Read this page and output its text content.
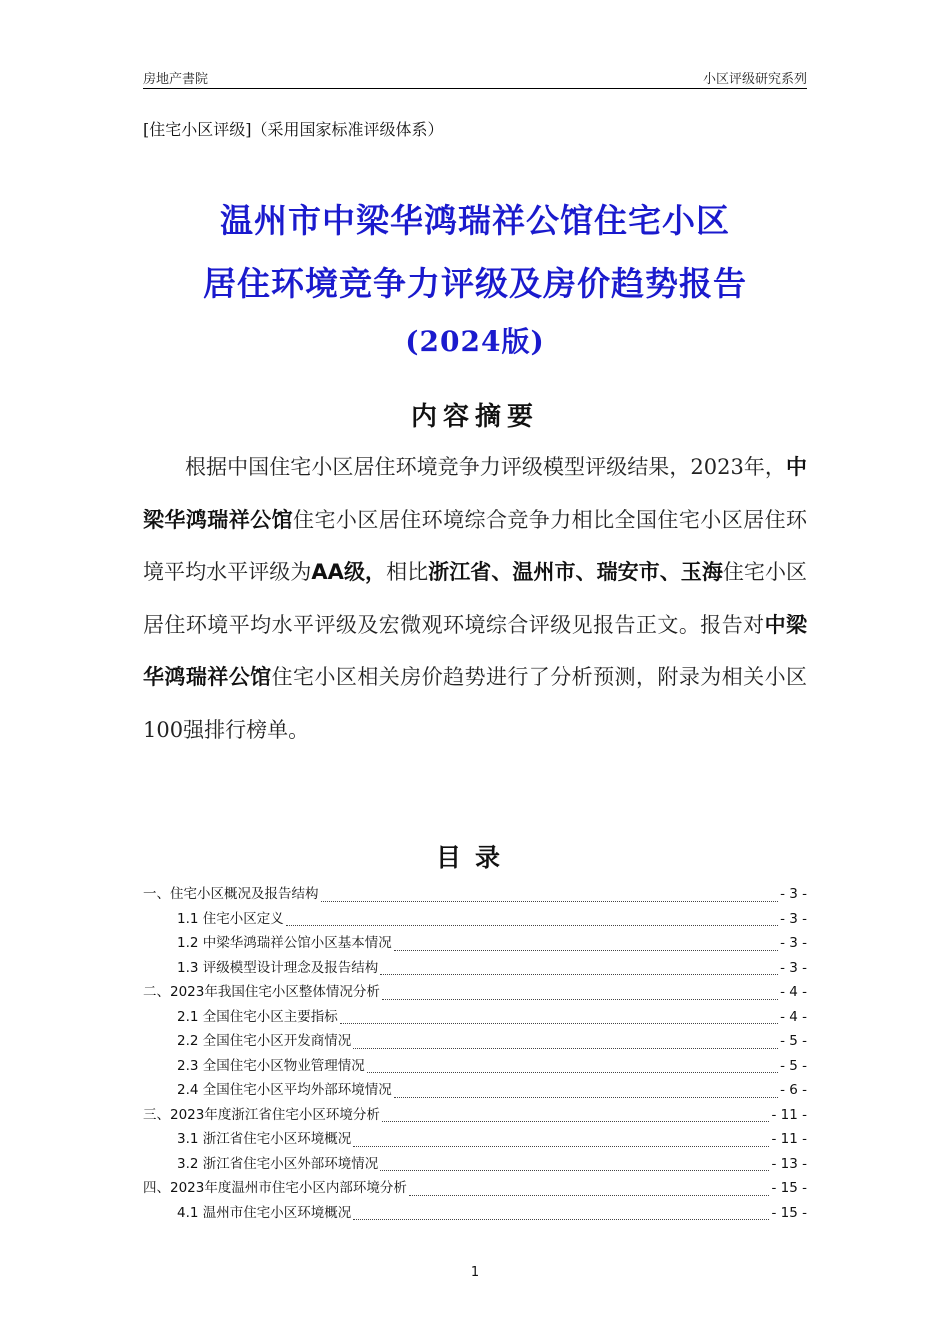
房地产書院	小区评级研究系列
[住宅小区评级]（采用国家标准评级体系）
温州市中梁华鸿瑞祥公馆住宅小区
居住环境竞争力评级及房价趋势报告
(2024版)
内容摘要
根据中国住宅小区居住环境竞争力评级模型评级结果，2023年，中梁华鸿瑞祥公馆住宅小区居住环境综合竞争力相比全国住宅小区居住环境平均水平评级为AA级，相比浙江省、温州市、瑞安市、玉海住宅小区居住环境平均水平评级及宏微观环境综合评级见报告正文。报告对中梁华鸿瑞祥公馆住宅小区相关房价趋势进行了分析预测，附录为相关小区100强排行榜单。
目录
一、住宅小区概况及报告结构	- 3 -
1.1 住宅小区定义	- 3 -
1.2 中梁华鸿瑞祥公馆小区基本情况	- 3 -
1.3 评级模型设计理念及报告结构	- 3 -
二、2023年我国住宅小区整体情况分析	- 4 -
2.1 全国住宅小区主要指标	- 4 -
2.2 全国住宅小区开发商情况	- 5 -
2.3 全国住宅小区物业管理情况	- 5 -
2.4 全国住宅小区平均外部环境情况	- 6 -
三、2023年度浙江省住宅小区环境分析	- 11 -
3.1 浙江省住宅小区环境概况	- 11 -
3.2 浙江省住宅小区外部环境情况	- 13 -
四、2023年度温州市住宅小区内部环境分析	- 15 -
4.1 温州市住宅小区环境概况	- 15 -
1
